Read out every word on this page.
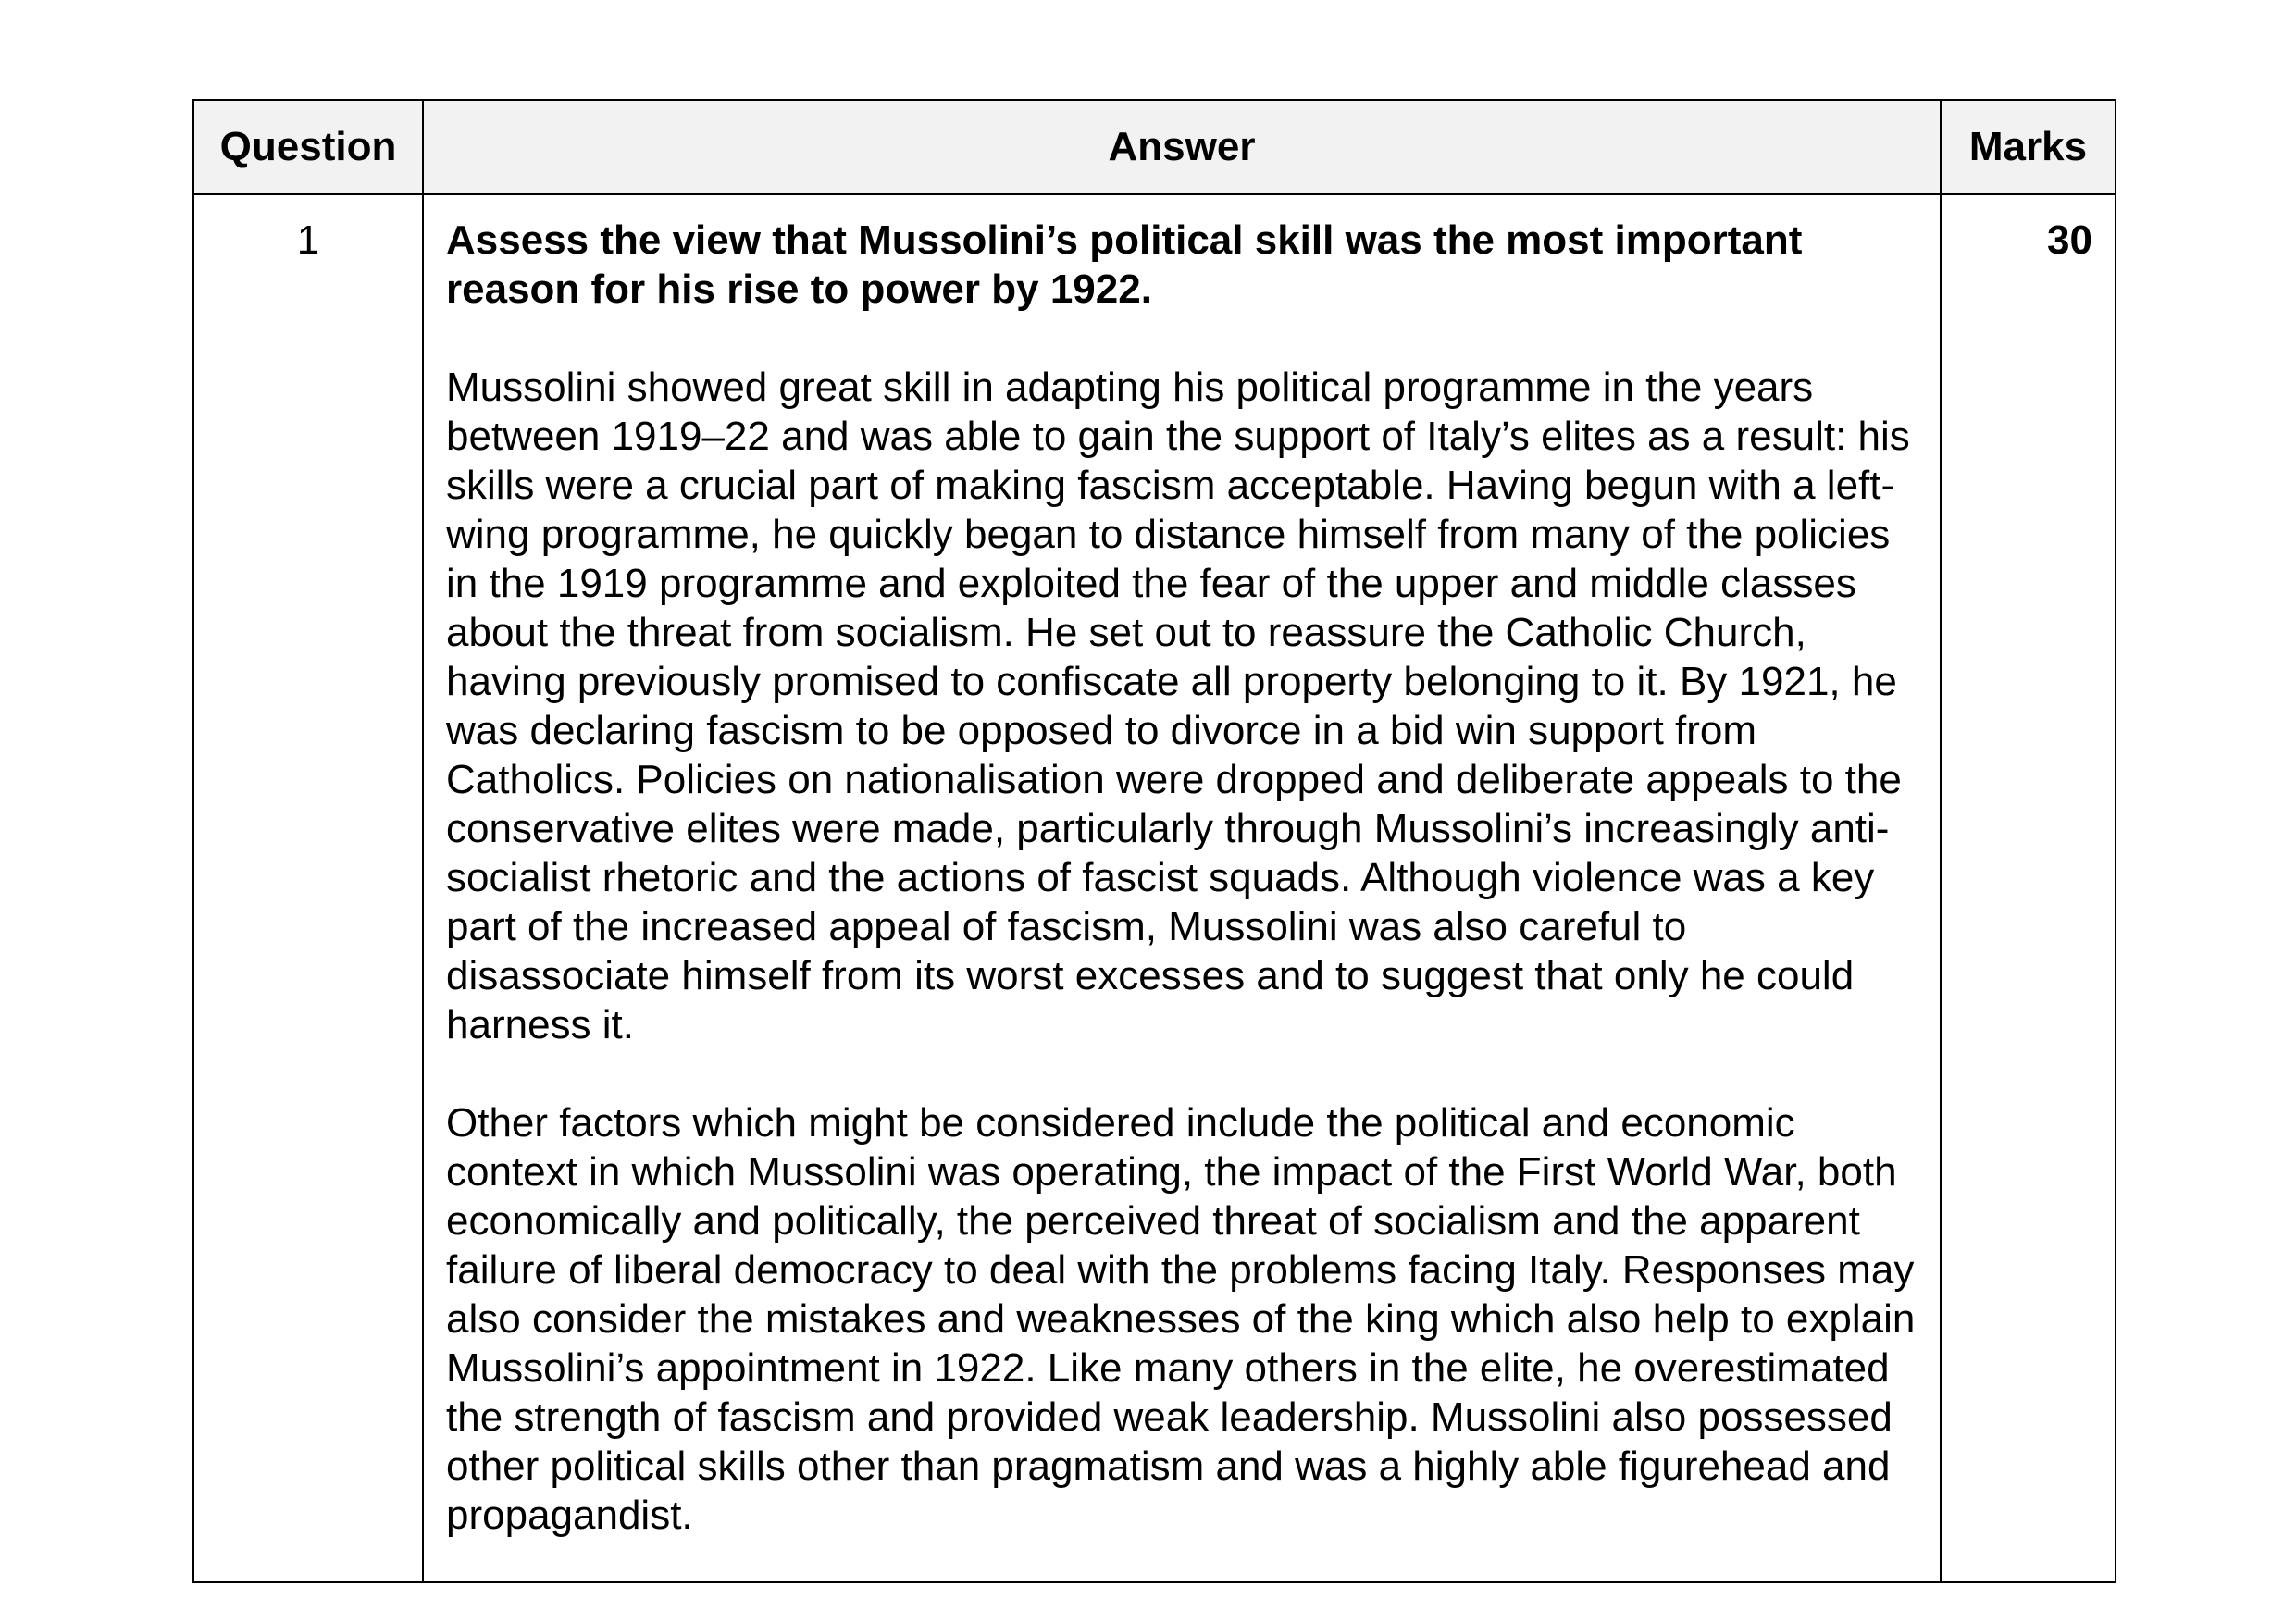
Question	Answer	Marks
1	Assess the view that Mussolini’s political skill was the most important reason for his rise to power by 1922.

Mussolini showed great skill in adapting his political programme in the years between 1919–22 and was able to gain the support of Italy’s elites as a result: his skills were a crucial part of making fascism acceptable. Having begun with a left-wing programme, he quickly began to distance himself from many of the policies in the 1919 programme and exploited the fear of the upper and middle classes about the threat from socialism. He set out to reassure the Catholic Church, having previously promised to confiscate all property belonging to it. By 1921, he was declaring fascism to be opposed to divorce in a bid win support from Catholics. Policies on nationalisation were dropped and deliberate appeals to the conservative elites were made, particularly through Mussolini’s increasingly anti-socialist rhetoric and the actions of fascist squads. Although violence was a key part of the increased appeal of fascism, Mussolini was also careful to disassociate himself from its worst excesses and to suggest that only he could harness it.

Other factors which might be considered include the political and economic context in which Mussolini was operating, the impact of the First World War, both economically and politically, the perceived threat of socialism and the apparent failure of liberal democracy to deal with the problems facing Italy. Responses may also consider the mistakes and weaknesses of the king which also help to explain Mussolini’s appointment in 1922. Like many others in the elite, he overestimated the strength of fascism and provided weak leadership. Mussolini also possessed other political skills other than pragmatism and was a highly able figurehead and propagandist.	30
